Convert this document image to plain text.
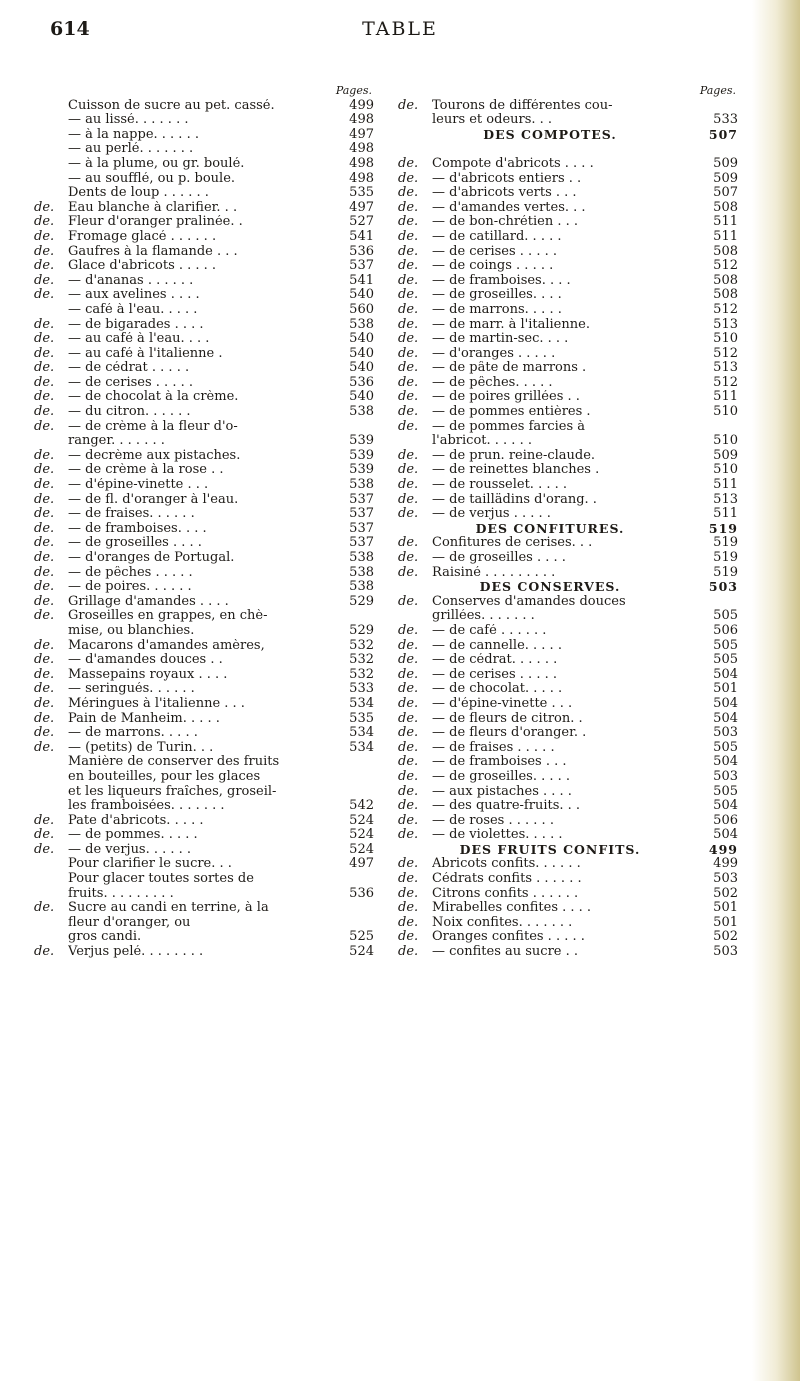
614	TABLE
Pages.
Cuisson de sucre au pet. cassé.	499
— au lissé. . . . . . .	498
— à la nappe. . . . . .	497
— au perlé. . . . . . .	498
— à la plume, ou gr. boulé.	498
— au soufflé, ou p. boule.	498
Dents de loup . . . . . .	535
de.	Eau blanche à clarifier. . .	497
de.	Fleur d'oranger pralinée. .	527
de.	Fromage glacé . . . . . .	541
de.	Gaufres à la flamande . . .	536
de.	Glace d'abricots . . . . .	537
de.	— d'ananas . . . . . .	541
de.	— aux avelines . . . .	540
— café à l'eau. . . . .	560
de.	— de bigarades . . . .	538
de.	— au café à l'eau. . . .	540
de.	— au café à l'italienne .	540
de.	— de cédrat . . . . .	540
de.	— de cerises . . . . .	536
de.	— de chocolat à la crème.	540
de.	— du citron. . . . . .	538
de.	— de crème à la fleur d'o-
ranger. . . . . . .	539
de.	— decrème aux pistaches.	539
de.	— de crème à la rose . .	539
de.	— d'épine-vinette . . .	538
de.	— de fl. d'oranger à l'eau.	537
de.	— de fraises. . . . . .	537
de.	— de framboises. . . .	537
de.	— de groseilles . . . .	537
de.	— d'oranges de Portugal.	538
de.	— de pêches . . . . .	538
de.	— de poires. . . . . .	538
de.	Grillage d'amandes . . . .	529
de.	Groseilles en grappes, en chè-
mise, ou blanchies.	529
de.	Macarons d'amandes amères,	532
de.	— d'amandes douces . .	532
de.	Massepains royaux . . . .	532
de.	— seringués. . . . . .	533
de.	Méringues à l'italienne . . .	534
de.	Pain de Manheim. . . . .	535
de.	— de marrons. . . . .	534
de.	— (petits) de Turin. . .	534
Manière de conserver des fruits
en bouteilles, pour les glaces
et les liqueurs fraîches, groseil-
les framboisées. . . . . . .	542
de.	Pate d'abricots. . . . .	524
de.	— de pommes. . . . .	524
de.	— de verjus. . . . . .	524
Pour clarifier le sucre. . .	497
Pour glacer toutes sortes de
fruits. . . . . . . . .	536
de.	Sucre au candi en terrine, à la
fleur d'oranger, ou
gros candi.	525
de.	Verjus pelé. . . . . . . .	524
Pages.
de.	Tourons de différentes cou-
leurs et odeurs. . .	533
DES COMPOTES.	507
de.	Compote d'abricots . . . .	509
de.	— d'abricots entiers . .	509
de.	— d'abricots verts . . .	507
de.	— d'amandes vertes. . .	508
de.	— de bon-chrétien . . .	511
de.	— de catillard. . . . .	511
de.	— de cerises . . . . .	508
de.	— de coings . . . . .	512
de.	— de framboises. . . .	508
de.	— de groseilles. . . .	508
de.	— de marrons. . . . .	512
de.	— de marr. à l'italienne.	513
de.	— de martin-sec. . . .	510
de.	— d'oranges . . . . .	512
de.	— de pâte de marrons .	513
de.	— de pêches. . . . .	512
de.	— de poires grillées . .	511
de.	— de pommes entières .	510
de.	— de pommes farcies à
l'abricot. . . . . .	510
de.	— de prun. reine-claude.	509
de.	— de reinettes blanches .	510
de.	— de rousselet. . . . .	511
de.	— de taillädins d'orang. .	513
de.	— de verjus . . . . .	511
DES CONFITURES.	519
de.	Confitures de cerises. . .	519
de.	— de groseilles . . . .	519
de.	Raisiné . . . . . . . . .	519
DES CONSERVES.	503
de.	Conserves d'amandes douces
grillées. . . . . . .	505
de.	— de café . . . . . .	506
de.	— de cannelle. . . . .	505
de.	— de cédrat. . . . . .	505
de.	— de cerises . . . . .	504
de.	— de chocolat. . . . .	501
de.	— d'épine-vinette . . .	504
de.	— de fleurs de citron. .	504
de.	— de fleurs d'oranger. .	503
de.	— de fraises . . . . .	505
de.	— de framboises . . .	504
de.	— de groseilles. . . . .	503
de.	— aux pistaches . . . .	505
de.	— des quatre-fruits. . .	504
de.	— de roses . . . . . .	506
de.	— de violettes. . . . .	504
DES FRUITS CONFITS.	499
de.	Abricots confits. . . . . .	499
de.	Cédrats confits . . . . . .	503
de.	Citrons confits . . . . . .	502
de.	Mirabelles confites . . . .	501
de.	Noix confites. . . . . . .	501
de.	Oranges confites . . . . .	502
de.	— confites au sucre . .	503
